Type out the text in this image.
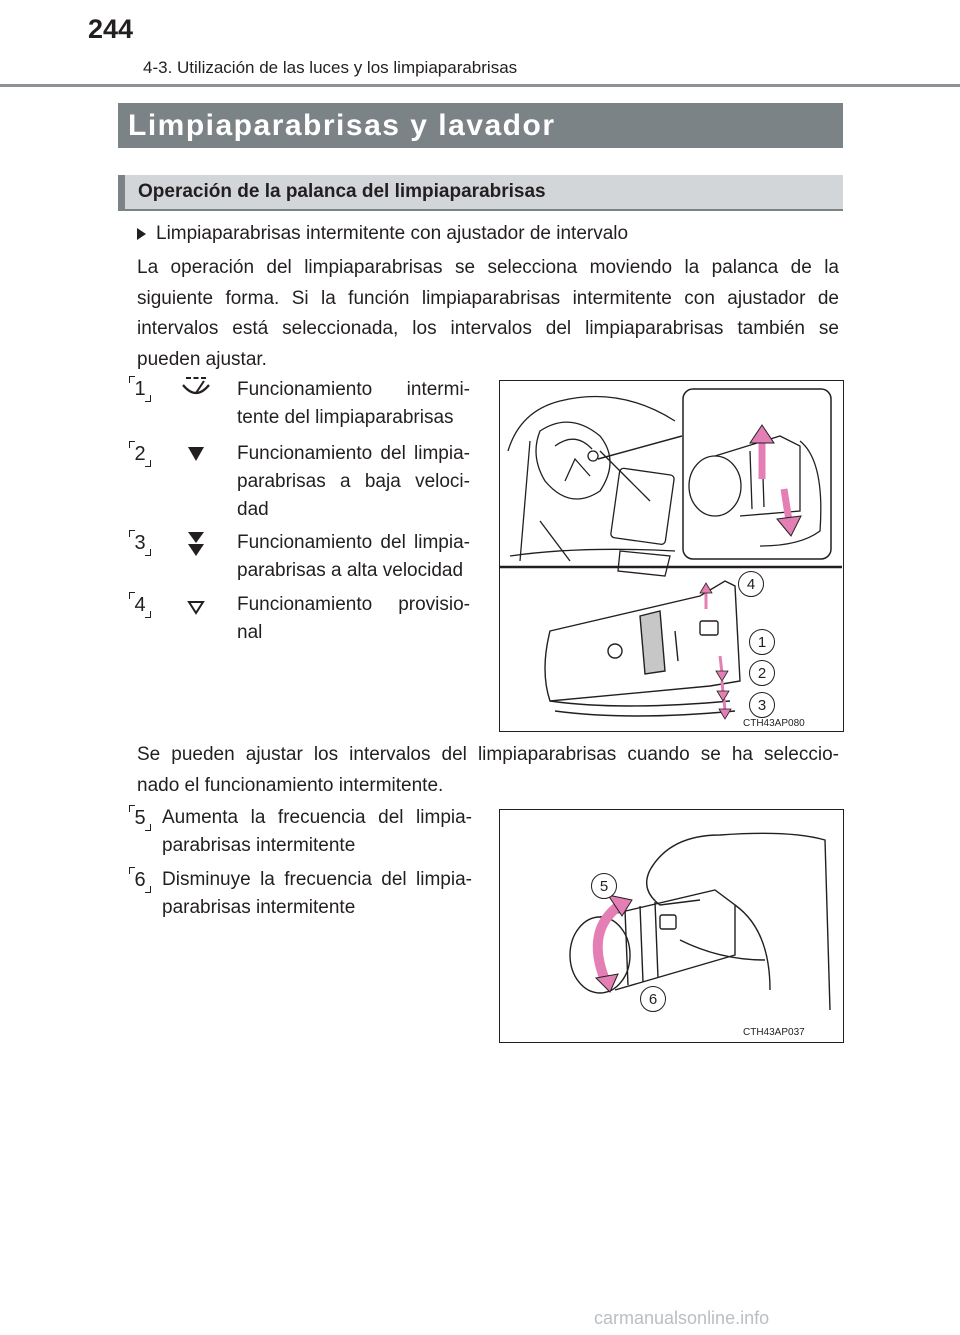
244
4-3. Utilización de las luces y los limpiaparabrisas
Limpiaparabrisas y lavador
Operación de la palanca del limpiaparabrisas
Limpiaparabrisas intermitente con ajustador de intervalo
La operación del limpiaparabrisas se selecciona moviendo la palanca de la
siguiente forma. Si la función limpiaparabrisas intermitente con ajustador de
intervalos está seleccionada, los intervalos del limpiaparabrisas también se
pueden ajustar.
1	Funcionamiento intermi-
tente del limpiaparabrisas
2	Funcionamiento del limpia-
parabrisas a baja veloci-
dad
3	Funcionamiento del limpia-
parabrisas a alta velocidad
4	Funcionamiento provisio-
nal
4
1
2
3
CTH43AP080
Se pueden ajustar los intervalos del limpiaparabrisas cuando se ha seleccio-
nado el funcionamiento intermitente.
5 Aumenta la frecuencia del limpia-
parabrisas intermitente
6 Disminuye la frecuencia del limpia-
parabrisas intermitente
5
6
CTH43AP037
carmanualsonline.info
